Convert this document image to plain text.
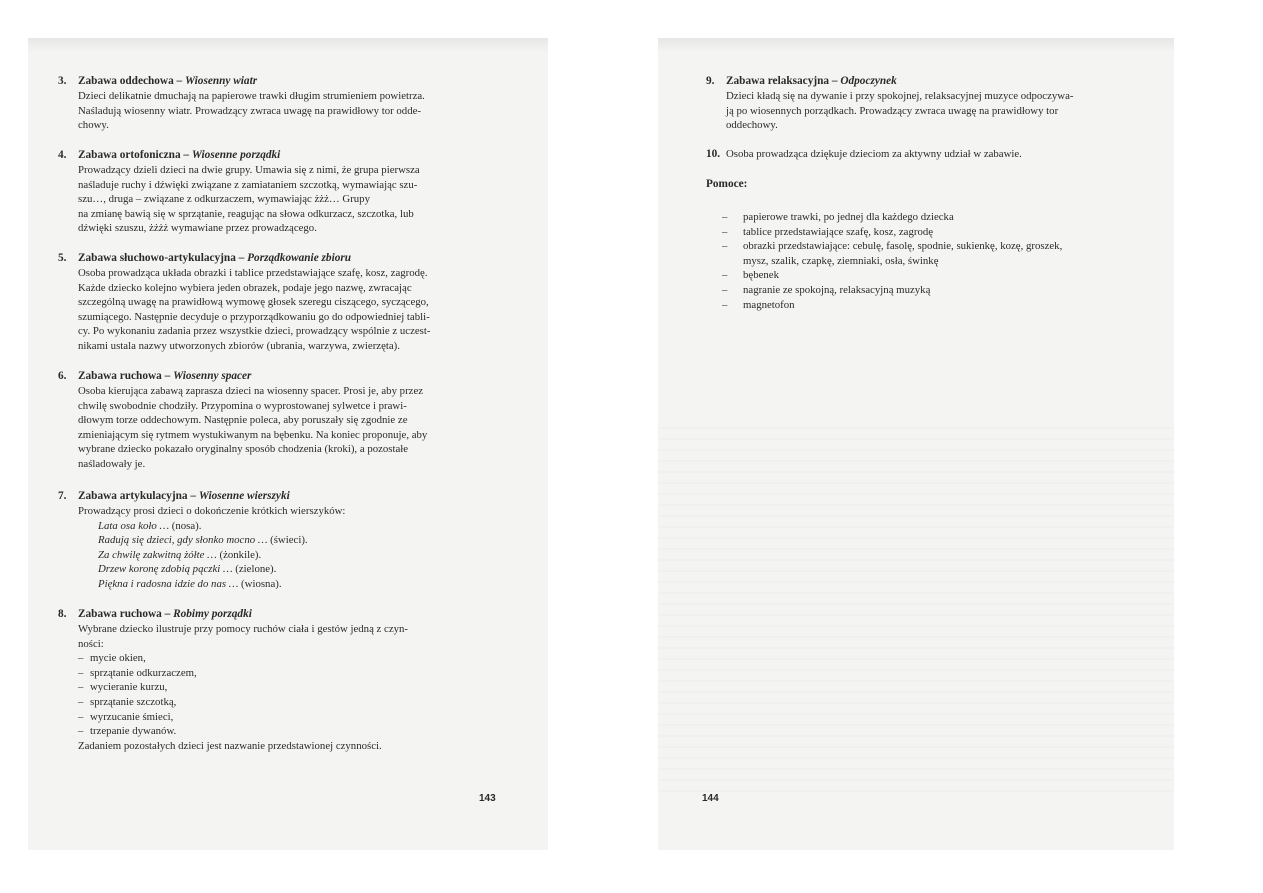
3. Zabawa oddechowa – Wiosenny wiatr
Dzieci delikatnie dmuchają na papierowe trawki długim strumieniem powietrza.
Naśladują wiosenny wiatr. Prowadzący zwraca uwagę na prawidłowy tor odde-
chowy.
4. Zabawa ortofoniczna – Wiosenne porządki
Prowadzący dzieli dzieci na dwie grupy. Umawia się z nimi, że grupa pierwsza
naśladuje ruchy i dźwięki związane z zamiataniem szczotką, wymawiając szu-
szu…, druga – związane z odkurzaczem, wymawiając żżż… Grupy
na zmianę bawią się w sprzątanie, reagując na słowa odkurzacz, szczotka, lub
dźwięki szuszu, żżżż wymawiane przez prowadzącego.
5. Zabawa słuchowo-artykulacyjna – Porządkowanie zbioru
Osoba prowadząca układa obrazki i tablice przedstawiające szafę, kosz, zagrodę.
Każde dziecko kolejno wybiera jeden obrazek, podaje jego nazwę, zwracając
szczególną uwagę na prawidłową wymowę głosek szeregu ciszącego, syczącego,
szumiącego. Następnie decyduje o przyporządkowaniu go do odpowiedniej tabli-
cy. Po wykonaniu zadania przez wszystkie dzieci, prowadzący wspólnie z uczest-
nikami ustala nazwy utworzonych zbiorów (ubrania, warzywa, zwierzęta).
6. Zabawa ruchowa – Wiosenny spacer
Osoba kierująca zabawą zaprasza dzieci na wiosenny spacer. Prosi je, aby przez
chwilę swobodnie chodziły. Przypomina o wyprostowanej sylwetce i prawi-
dłowym torze oddechowym. Następnie poleca, aby poruszały się zgodnie ze
zmieniającym się rytmem wystukiwanym na bębenku. Na koniec proponuje, aby
wybrane dziecko pokazało oryginalny sposób chodzenia (kroki), a pozostałe
naśladowały je.
7. Zabawa artykulacyjna – Wiosenne wierszyki
Prowadzący prosi dzieci o dokończenie krótkich wierszyków:
Lata osa koło … (nosa).
Radują się dzieci, gdy słonko mocno … (świeci).
Za chwilę zakwitną żółte … (żonkile).
Drzew koronę zdobią pączki … (zielone).
Piękna i radosna idzie do nas … (wiosna).
8. Zabawa ruchowa – Robimy porządki
Wybrane dziecko ilustruje przy pomocy ruchów ciała i gestów jedną z czyn-
ności:
– mycie okien,
– sprzątanie odkurzaczem,
– wycieranie kurzu,
– sprzątanie szczotką,
– wyrzucanie śmieci,
– trzepanie dywanów.
Zadaniem pozostałych dzieci jest nazwanie przedstawionej czynności.
9. Zabawa relaksacyjna – Odpoczynek
Dzieci kładą się na dywanie i przy spokojnej, relaksacyjnej muzyce odpoczywa-
ją po wiosennych porządkach. Prowadzący zwraca uwagę na prawidłowy tor
oddechowy.
10. Osoba prowadząca dziękuje dzieciom za aktywny udział w zabawie.
Pomoce:
– papierowe trawki, po jednej dla każdego dziecka
– tablice przedstawiające szafę, kosz, zagrodę
– obrazki przedstawiające: cebulę, fasolę, spodnie, sukienkę, kozę, groszek,
mysz, szalik, czapkę, ziemniaki, osła, świnkę
– bębenek
– nagranie ze spokojną, relaksacyjną muzyką
– magnetofon
143	144
